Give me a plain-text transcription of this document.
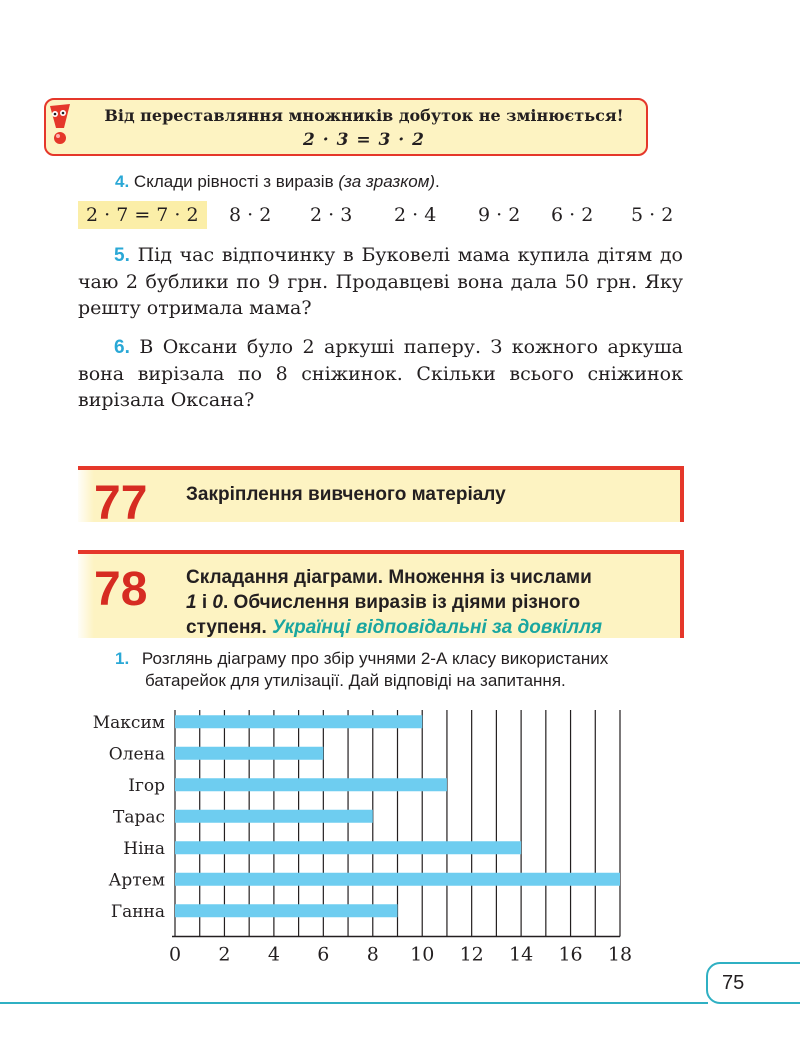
Від переставляння множників добуток не змінюється!
2 · 3 = 3 · 2
4. Склади рівності з виразів (за зразком).
2 · 7 = 7 · 2	8 · 2 2 · 3 2 · 4 9 · 2 6 · 2 5 · 2
5. Під час відпочинку в Буковелі мама купила дітям до чаю 2 бублики по 9 грн. Продавцеві вона дала 50 грн. Яку решту отримала мама?
6. В Оксани було 2 аркуші паперу. З кожного аркуша вона вирізала по 8 сніжинок. Скільки всього сніжинок вирізала Оксана?
77 Закріплення вивченого матеріалу
78 Складання діаграми. Множення із числами
1 і 0. Обчислення виразів із діями різного
ступеня. Українці відповідальні за довкілля
1. Розглянь діаграму про збір учнями 2-А класу використаних
батарейок для утилізації. Дай відповіді на запитання.
Максим
Олена
Ігор
Тарас
Ніна
Артем
Ганна
0 2 4 6 8 10 12 14 16 18
75
